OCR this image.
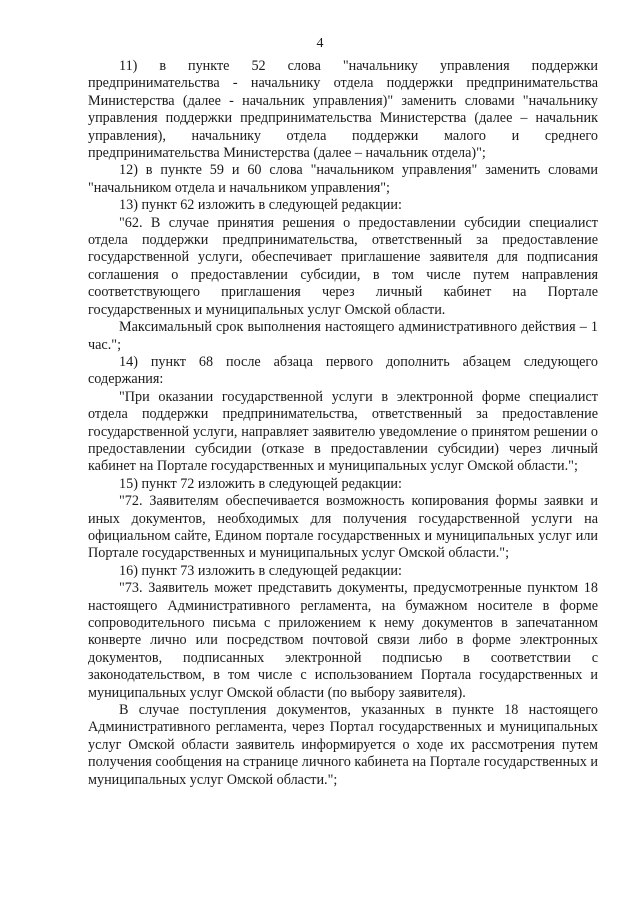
4

11) в пункте 52 слова "начальнику управления поддержки предпринимательства - начальнику отдела поддержки предпринимательства Министерства (далее - начальник управления)" заменить словами "начальнику управления поддержки предпринимательства Министерства (далее – начальник управления), начальнику отдела поддержки малого и среднего предпринимательства Министерства (далее – начальник отдела)";

12) в пункте 59 и 60 слова "начальником управления" заменить словами "начальником отдела и начальником управления";

13) пункт 62 изложить в следующей редакции:

"62. В случае принятия решения о предоставлении субсидии специалист отдела поддержки предпринимательства, ответственный за предоставление государственной услуги, обеспечивает приглашение заявителя для подписания соглашения о предоставлении субсидии, в том числе путем направления соответствующего приглашения через личный кабинет на Портале государственных и муниципальных услуг Омской области.

Максимальный срок выполнения настоящего административного действия – 1 час.";

14) пункт 68 после абзаца первого дополнить абзацем следующего содержания:

"При оказании государственной услуги в электронной форме специалист отдела поддержки предпринимательства, ответственный за предоставление государственной услуги, направляет заявителю уведомление о принятом решении о предоставлении субсидии (отказе в предоставлении субсидии) через личный кабинет на Портале государственных и муниципальных услуг Омской области.";

15) пункт 72 изложить в следующей редакции:

"72. Заявителям обеспечивается возможность копирования формы заявки и иных документов, необходимых для получения государственной услуги на официальном сайте, Едином портале государственных и муниципальных услуг или Портале государственных и муниципальных услуг Омской области.";

16) пункт 73 изложить в следующей редакции:

"73. Заявитель может представить документы, предусмотренные пунктом 18 настоящего Административного регламента, на бумажном носителе в форме сопроводительного письма с приложением к нему документов в запечатанном конверте лично или посредством почтовой связи либо в форме электронных документов, подписанных электронной подписью в соответствии с законодательством, в том числе с использованием Портала государственных и муниципальных услуг Омской области (по выбору заявителя).

В случае поступления документов, указанных в пункте 18 настоящего Административного регламента, через Портал государственных и муниципальных услуг Омской области заявитель информируется о ходе их рассмотрения путем получения сообщения на странице личного кабинета на Портале государственных и муниципальных услуг Омской области.";
